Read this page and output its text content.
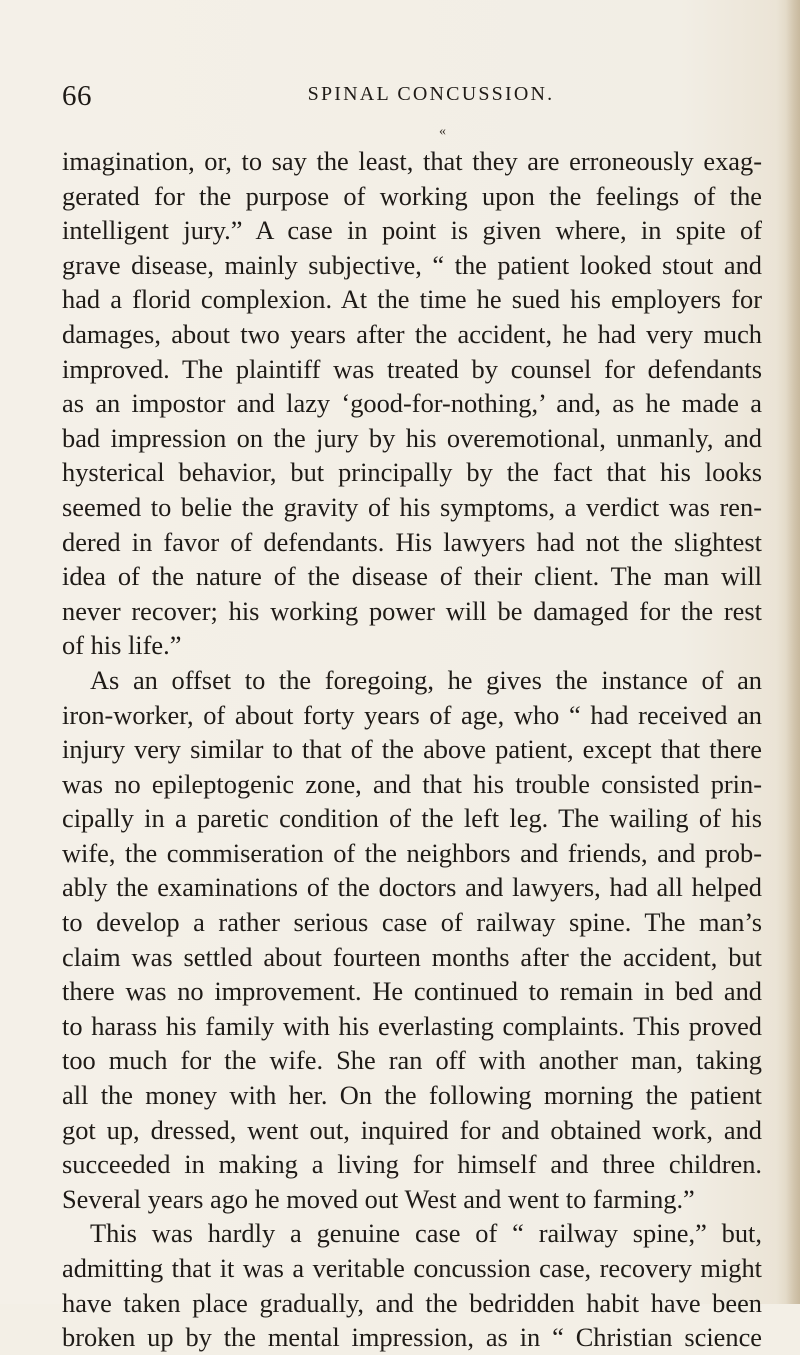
66	SPINAL CONCUSSION.
«
imagination, or, to say the least, that they are erroneously exag-
gerated for the purpose of working upon the feelings of the
intelligent jury.” A case in point is given where, in spite of
grave disease, mainly subjective, “ the patient looked stout and
had a florid complexion. At the time he sued his employers for
damages, about two years after the accident, he had very much
improved. The plaintiff was treated by counsel for defendants
as an impostor and lazy ‘good-for-nothing,’ and, as he made a
bad impression on the jury by his overemotional, unmanly, and
hysterical behavior, but principally by the fact that his looks
seemed to belie the gravity of his symptoms, a verdict was ren-
dered in favor of defendants. His lawyers had not the slightest
idea of the nature of the disease of their client. The man will
never recover; his working power will be damaged for the rest
of his life.”
As an offset to the foregoing, he gives the instance of an
iron-worker, of about forty years of age, who “ had received an
injury very similar to that of the above patient, except that there
was no epileptogenic zone, and that his trouble consisted prin-
cipally in a paretic condition of the left leg. The wailing of his
wife, the commiseration of the neighbors and friends, and prob-
ably the examinations of the doctors and lawyers, had all helped
to develop a rather serious case of railway spine. The man’s
claim was settled about fourteen months after the accident, but
there was no improvement. He continued to remain in bed and
to harass his family with his everlasting complaints. This proved
too much for the wife. She ran off with another man, taking
all the money with her. On the following morning the patient
got up, dressed, went out, inquired for and obtained work, and
succeeded in making a living for himself and three children.
Several years ago he moved out West and went to farming.”
This was hardly a genuine case of “ railway spine,” but,
admitting that it was a veritable concussion case, recovery might
have taken place gradually, and the bedridden habit have been
broken up by the mental impression, as in “ Christian science
